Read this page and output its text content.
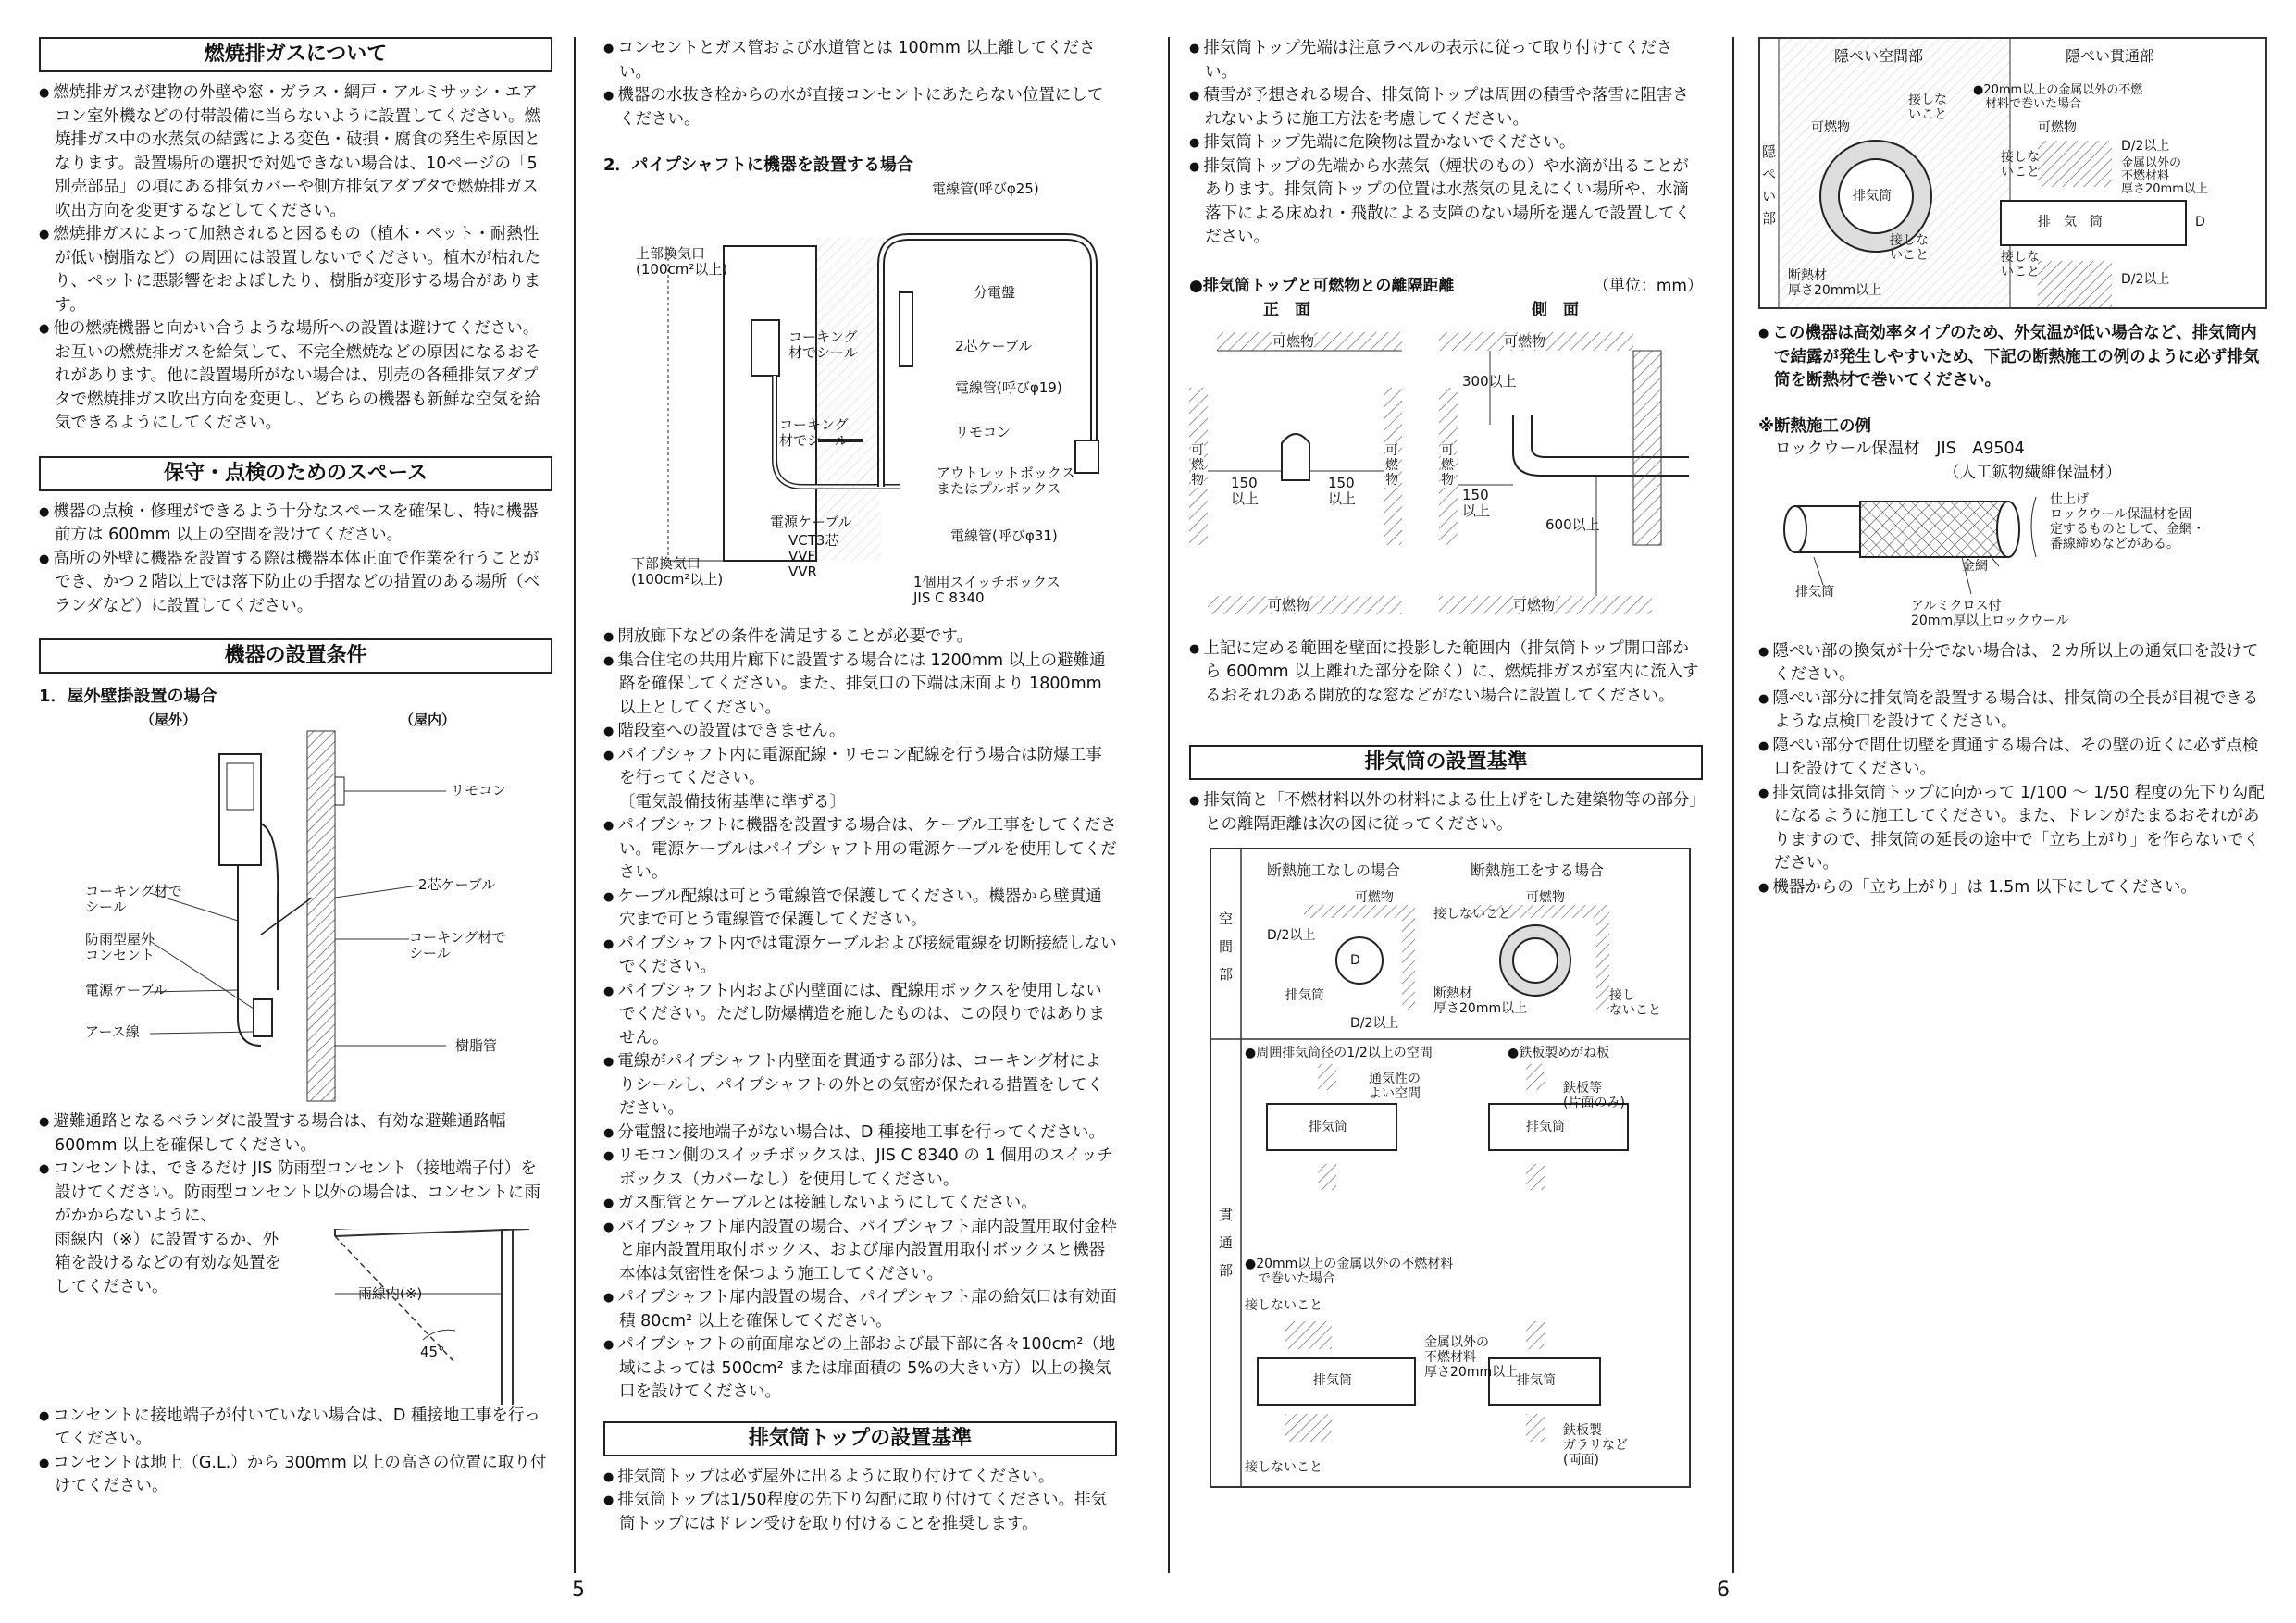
燃焼排ガスについて
● 燃焼排ガスが建物の外壁や窓・ガラス・網戸・アルミサッシ・エアコン室外機などの付帯設備に当らないように設置してください。燃焼排ガス中の水蒸気の結露による変色・破損・腐食の発生や原因となります。設置場所の選択で対処できない場合は、10ページの「5別売部品」の項にある排気カバーや側方排気アダプタで燃焼排ガス吹出方向を変更するなどしてください。
● 燃焼排ガスによって加熱されると困るもの（植木・ペット・耐熱性が低い樹脂など）の周囲には設置しないでください。植木が枯れたり、ペットに悪影響をおよぼしたり、樹脂が変形する場合があります。
● 他の燃焼機器と向かい合うような場所への設置は避けてください。お互いの燃焼排ガスを給気して、不完全燃焼などの原因になるおそれがあります。他に設置場所がない場合は、別売の各種排気アダプタで燃焼排ガス吹出方向を変更し、どちらの機器も新鮮な空気を給気できるようにしてください。
保守・点検のためのスペース
● 機器の点検・修理ができるよう十分なスペースを確保し、特に機器前方は 600mm 以上の空間を設けてください。
● 高所の外壁に機器を設置する際は機器本体正面で作業を行うことができ、かつ２階以上では落下防止の手摺などの措置のある場所（ベランダなど）に設置してください。
機器の設置条件
1．屋外壁掛設置の場合
（屋外）	（屋内）
リモコン
2芯ケーブル
コーキング材で
シール
防雨型屋外
コンセント
コーキング材で
シール
電源ケーブル
アース線
樹脂管
● 避難通路となるベランダに設置する場合は、有効な避難通路幅 600mm 以上を確保してください。
● コンセントは、できるだけ JIS 防雨型コンセント（接地端子付）を設けてください。防雨型コンセント以外の場合は、コンセントに雨がかからないように、
雨線内（※）に設置するか、外
箱を設けるなどの有効な処置を
してください。	雨線内(※)
45°
● コンセントに接地端子が付いていない場合は、D 種接地工事を行ってください。
● コンセントは地上（G.L.）から 300mm 以上の高さの位置に取り付けてください。
● コンセントとガス管および水道管とは 100mm 以上離してください。
● 機器の水抜き栓からの水が直接コンセントにあたらない位置にしてください。
2．パイプシャフトに機器を設置する場合
電線管(呼びφ25)
上部換気口
(100cm²以上)
分電盤
2芯ケーブル
コーキング
材でシール
電線管(呼びφ19)
コーキング
材でシール	リモコン
アウトレットボックス
またはプルボックス
電源ケーブル
VCT3芯
VVF
VVR
電線管(呼びφ31)
下部換気口
(100cm²以上)	1個用スイッチボックス
JIS C 8340
● 開放廊下などの条件を満足することが必要です。
● 集合住宅の共用片廊下に設置する場合には 1200mm 以上の避難通路を確保してください。また、排気口の下端は床面より 1800mm 以上としてください。
● 階段室への設置はできません。
● パイプシャフト内に電源配線・リモコン配線を行う場合は防爆工事を行ってください。
〔電気設備技術基準に準ずる〕
● パイプシャフトに機器を設置する場合は、ケーブル工事をしてください。電源ケーブルはパイプシャフト用の電源ケーブルを使用してください。
● ケーブル配線は可とう電線管で保護してください。機器から壁貫通穴まで可とう電線管で保護してください。
● パイプシャフト内では電源ケーブルおよび接続電線を切断接続しないでください。
● パイプシャフト内および内壁面には、配線用ボックスを使用しないでください。ただし防爆構造を施したものは、この限りではありません。
● 電線がパイプシャフト内壁面を貫通する部分は、コーキング材によりシールし、パイプシャフトの外との気密が保たれる措置をしてください。
● 分電盤に接地端子がない場合は、D 種接地工事を行ってください。
● リモコン側のスイッチボックスは、JIS C 8340 の 1 個用のスイッチボックス（カバーなし）を使用してください。
● ガス配管とケーブルとは接触しないようにしてください。
● パイプシャフト扉内設置の場合、パイプシャフト扉内設置用取付金枠と扉内設置用取付ボックス、および扉内設置用取付ボックスと機器本体は気密性を保つよう施工してください。
● パイプシャフト扉内設置の場合、パイプシャフト扉の給気口は有効面積 80cm² 以上を確保してください。
● パイプシャフトの前面扉などの上部および最下部に各々100cm²（地域によっては 500cm² または扉面積の 5%の大きい方）以上の換気口を設けてください。
排気筒トップの設置基準
● 排気筒トップは必ず屋外に出るように取り付けてください。
● 排気筒トップは1/50程度の先下り勾配に取り付けてください。排気筒トップにはドレン受けを取り付けることを推奨します。
● 排気筒トップ先端は注意ラベルの表示に従って取り付けてください。
● 積雪が予想される場合、排気筒トップは周囲の積雪や落雪に阻害されないように施工方法を考慮してください。
● 排気筒トップ先端に危険物は置かないでください。
● 排気筒トップの先端から水蒸気（煙状のもの）や水滴が出ることがあります。排気筒トップの位置は水蒸気の見えにくい場所や、水滴落下による床ぬれ・飛散による支障のない場所を選んで設置してください。
●排気筒トップと可燃物との離隔距離	（単位：mm）
正　面	側　面
可燃物	可燃物
可
燃
物
可
燃
物
可
燃
物
150
以上
150
以上
300以上
150
以上
600以上
可燃物	可燃物
● 上記に定める範囲を壁面に投影した範囲内（排気筒トップ開口部から 600mm 以上離れた部分を除く）に、燃焼排ガスが室内に流入するおそれのある開放的な窓などがない場合に設置してください。
排気筒の設置基準
● 排気筒と「不燃材料以外の材料による仕上げをした建築物等の部分」との離隔距離は次の図に従ってください。
断熱施工なしの場合	断熱施工をする場合
空
間
部
貫
通
部
可燃物
D/2以上
D
排気筒
D/2以上
可燃物
接しないこと
断熱材
厚さ20mm以上
接し
ないこと
●周囲排気筒径の1/2以上の空間	●鉄板製めがね板
通気性の
よい空間	鉄板等
(片面のみ)
排気筒	排気筒
●20mm以上の金属以外の不燃材料
　で巻いた場合
接しないこと
金属以外の
不燃材料
厚さ20mm以上
排気筒	排気筒
鉄板製
ガラリなど
(両面)
接しないこと
隠ぺい空間部	隠ぺい貫通部
隠
ぺ
い
部
可燃物
接しな
いこと
排気筒
接しな
いこと
断熱材
厚さ20mm以上
●20mm以上の金属以外の不燃
　材料で巻いた場合
可燃物
D/2以上
接しな
いこと
金属以外の
不燃材料
厚さ20mm以上
排　気　筒	D
接しな
いこと	D/2以上
● この機器は高効率タイプのため、外気温が低い場合など、排気筒内で結露が発生しやすいため、下記の断熱施工の例のように必ず排気筒を断熱材で巻いてください。
※断熱施工の例
ロックウール保温材　JIS　A9504
（人工鉱物繊維保温材）
仕上げ
ロックウール保温材を固
定するものとして、金網・
番線締めなどがある。
金網
排気筒
アルミクロス付
20mm厚以上ロックウール
● 隠ぺい部の換気が十分でない場合は、２カ所以上の通気口を設けてください。
● 隠ぺい部分に排気筒を設置する場合は、排気筒の全長が目視できるような点検口を設けてください。
● 隠ぺい部分で間仕切壁を貫通する場合は、その壁の近くに必ず点検口を設けてください。
● 排気筒は排気筒トップに向かって 1/100 ～ 1/50 程度の先下り勾配になるように施工してください。また、ドレンがたまるおそれがありますので、排気筒の延長の途中で「立ち上がり」を作らないでください。
● 機器からの「立ち上がり」は 1.5m 以下にしてください。
5	6
